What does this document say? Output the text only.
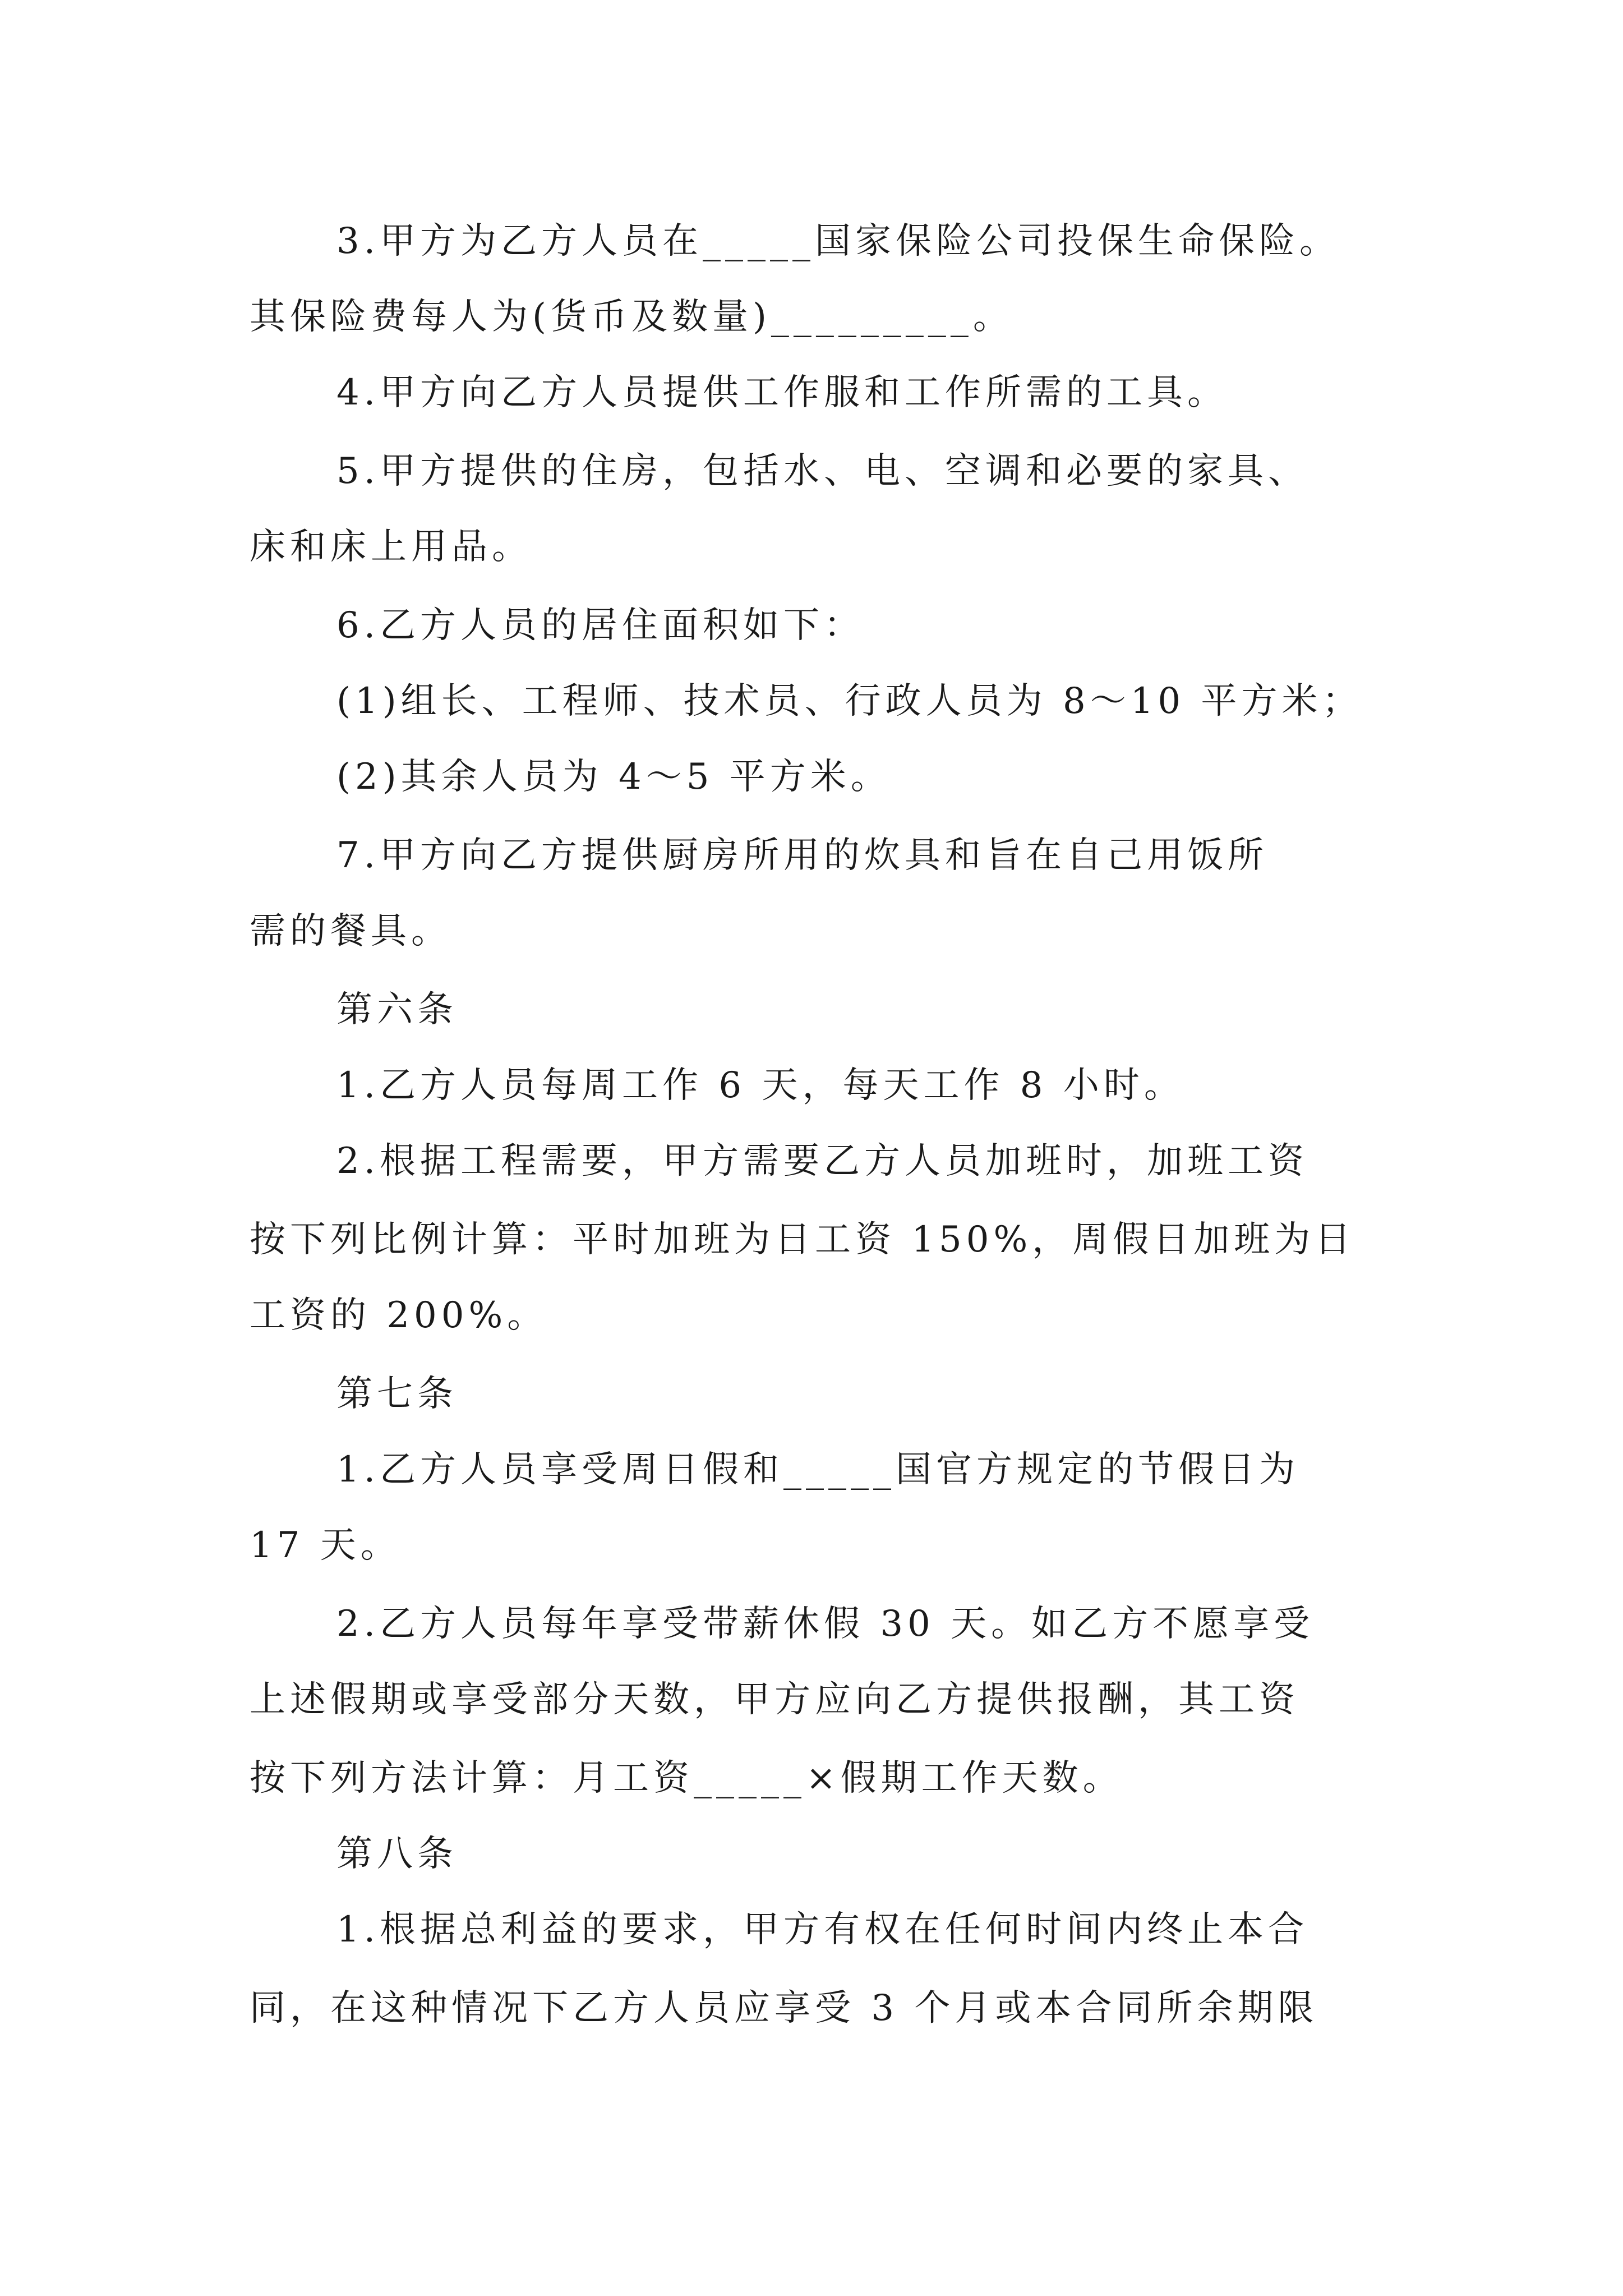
3.甲方为乙方人员在_____国家保险公司投保生命保险。

其保险费每人为(货币及数量)_________。

4.甲方向乙方人员提供工作服和工作所需的工具。

5.甲方提供的住房，包括水、电、空调和必要的家具、

床和床上用品。

6.乙方人员的居住面积如下：

(1)组长、工程师、技术员、行政人员为 8～10 平方米；

(2)其余人员为 4～5 平方米。

7.甲方向乙方提供厨房所用的炊具和旨在自己用饭所

需的餐具。

第六条

1.乙方人员每周工作 6 天，每天工作 8 小时。

2.根据工程需要，甲方需要乙方人员加班时，加班工资

按下列比例计算：平时加班为日工资 150%，周假日加班为日

工资的 200%。

第七条

1.乙方人员享受周日假和_____国官方规定的节假日为

17 天。

2.乙方人员每年享受带薪休假 30 天。如乙方不愿享受

上述假期或享受部分天数，甲方应向乙方提供报酬，其工资

按下列方法计算：月工资_____×假期工作天数。

第八条

1.根据总利益的要求，甲方有权在任何时间内终止本合

同，在这种情况下乙方人员应享受 3 个月或本合同所余期限
